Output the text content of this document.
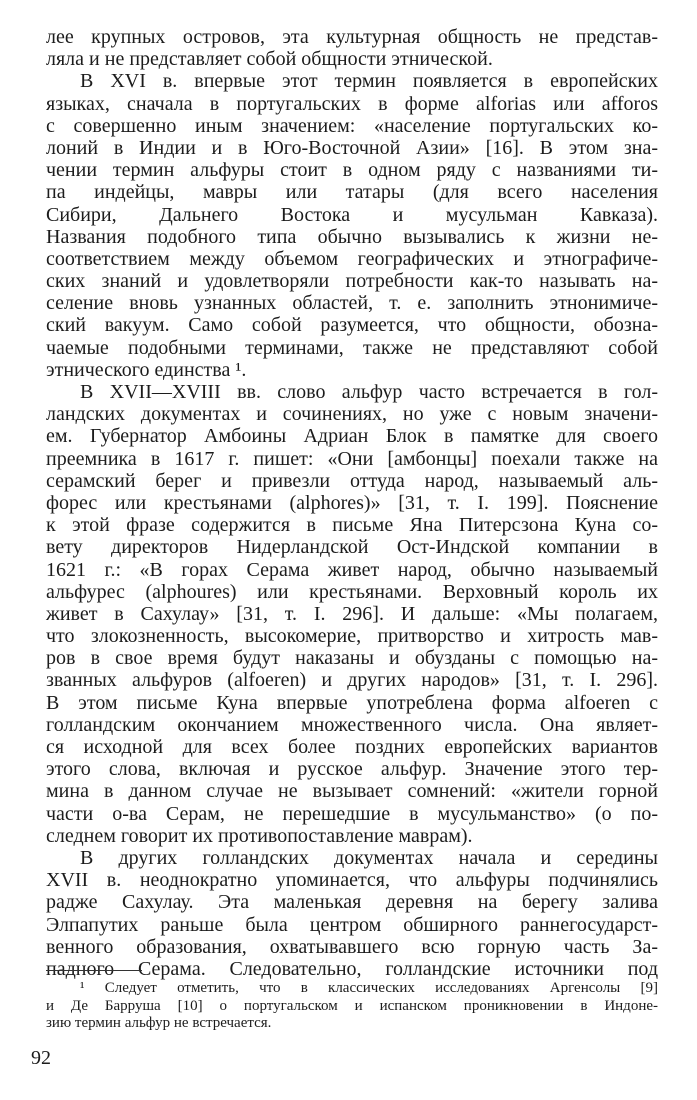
лее крупных островов, эта культурная общность не представ-
ляла и не представляет собой общности этнической.
В XVI в. впервые этот термин появляется в европейских
языках, сначала в португальских в форме alforias или afforos
с совершенно иным значением: «население португальских ко-
лоний в Индии и в Юго-Восточной Азии» [16]. В этом зна-
чении термин альфуры стоит в одном ряду с названиями ти-
па индейцы, мавры или татары (для всего населения
Сибири, Дальнего Востока и мусульман Кавказа).
Названия подобного типа обычно вызывались к жизни не-
соответствием между объемом географических и этнографиче-
ских знаний и удовлетворяли потребности как-то называть на-
селение вновь узнанных областей, т. е. заполнить этнонимиче-
ский вакуум. Само собой разумеется, что общности, обозна-
чаемые подобными терминами, также не представляют собой
этнического единства ¹.
В XVII—XVIII вв. слово альфур часто встречается в гол-
ландских документах и сочинениях, но уже с новым значени-
ем. Губернатор Амбоины Адриан Блок в памятке для своего
преемника в 1617 г. пишет: «Они [амбонцы] поехали также на
серамский берег и привезли оттуда народ, называемый аль-
форес или крестьянами (alphores)» [31, т. I. 199]. Пояснение
к этой фразе содержится в письме Яна Питерсзона Куна со-
вету директоров Нидерландской Ост-Индской компании в
1621 г.: «В горах Серама живет народ, обычно называемый
альфурес (alphoures) или крестьянами. Верховный король их
живет в Сахулау» [31, т. I. 296]. И дальше: «Мы полагаем,
что злокозненность, высокомерие, притворство и хитрость мав-
ров в свое время будут наказаны и обузданы с помощью на-
званных альфуров (alfoeren) и других народов» [31, т. I. 296].
В этом письме Куна впервые употреблена форма alfoeren с
голландским окончанием множественного числа. Она являет-
ся исходной для всех более поздних европейских вариантов
этого слова, включая и русское альфур. Значение этого тер-
мина в данном случае не вызывает сомнений: «жители горной
части о-ва Серам, не перешедшие в мусульманство» (о по-
следнем говорит их противопоставление маврам).
В других голландских документах начала и середины
XVII в. неоднократно упоминается, что альфуры подчинялись
радже Сахулау. Эта маленькая деревня на берегу залива
Элпапутих раньше была центром обширного раннегосударст-
венного образования, охватывавшего всю горную часть За-
падного Серама. Следовательно, голландские источники под
¹ Следует отметить, что в классических исследованиях Аргенсолы [9]
и Де Барруша [10] о португальском и испанском проникновении в Индоне-
зию термин альфур не встречается.
92
